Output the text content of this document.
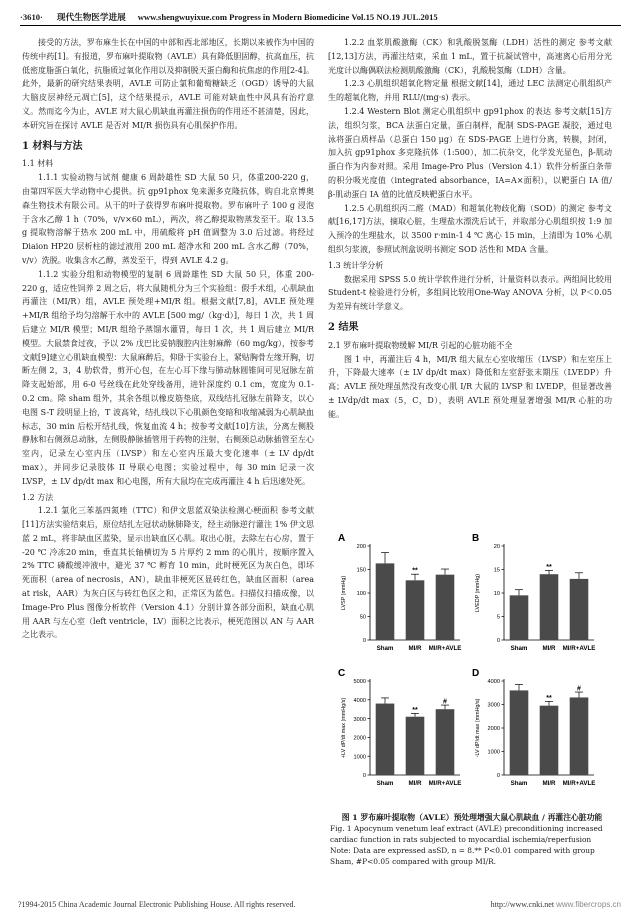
·3610· 现代生物医学进展 www.shengwuyixue.com Progress in Modern Biomedicine Vol.15 NO.19 JUL.2015

接受的方法，罗布麻生长在中国的中部和西北部地区，长期以来被作为中国的传统中药[1]。有报道，罗布麻叶提取物（AVLE）具有降低胆固醇，抗高血压，抗低密度脂蛋白氧化，抗脂质过氧化作用以及抑制脱天蛋白酶和抗焦虑的作用[2-4]。此外，最新的研究结果表明，AVLE 可防止氯和葡萄糖缺乏（OGD）诱导的大鼠大脑皮层神经元凋亡[5]，这个结果提示，AVLE 可能对缺血性中风具有治疗意义。然而迄今为止，AVLE 对大鼠心肌缺血再灌注损伤的作用还不甚清楚，因此，本研究旨在探讨 AVLE 是否对 MI/R 损伤具有心肌保护作用。

1 材料与方法

1.1 材料

1.1.1 实验动物与试剂 健康 6 周龄雄性 SD 大鼠 50 只，体重200-220 g，由第四军医大学动物中心提供。抗 gp91phox 兔来源多克隆抗体，购自北京博奥森生物技术有限公司。从干的叶子获得罗布麻叶提取物。罗布麻叶子 100 g 浸泡于含水乙醇 1 h（70%，v/v×60 mL），两次，将乙醇提取物蒸发至干。取 13.5 g 提取物溶解于热水 200 mL 中，用硫酸将 pH 值调整为 3.0 后过滤。将经过 Diaion HP20 层析柱的滤过液用 200 mL 超净水和 200 mL 含水乙醇（70%，v/v）洗脱。收集含水乙醇，蒸发至干，得到 AVLE 4.2 g。

1.1.2 实验分组和动物模型的复制 6 周龄雄性 SD 大鼠 50 只，体重 200-220 g，适应性饲养 2 周之后，将大鼠随机分为三个实验组：假手术组，心肌缺血再灌注（MI/R）组，AVLE 预处理+MI/R 组。根据文献[7,8]，AVLE 预处理+MI/R 组给予均匀溶解于水中的 AVLE [500 mg/（kg·d）]，每日 1 次，共 1 周后建立 MI/R 模型；MI/R 组给予蒸馏水灌胃，每日 1 次，共 1 周后建立 MI/R 模型。大鼠禁食过夜，予以 2% 戊巴比妥钠腹腔内注射麻醉（60 mg/kg），按参考文献[9]建立心肌缺血模型：大鼠麻醉后，仰卧于实验台上，紧贴胸骨左缘开胸，切断左侧 2，3，4 肋软骨，剪开心包，在左心耳下缘与肺动脉圆锥间可见冠脉左前降支起始部，用 6-0 号丝线在此处穿线备用，进针深度约 0.1 cm，宽度为 0.1-0.2 cm。除 sham 组外，其余各组以橡皮筋垫底，双线结扎冠脉左前降支，以心电图 S-T 段明显上抬，T 波高耸，结扎线以下心肌颜色变暗和收缩减弱为心肌缺血标志，30 min 后松开结扎线，恢复血流 4 h；按参考文献[10]方法，分离左侧股静脉和右侧颈总动脉，左侧股静脉插管用于药物的注射，右侧颈总动脉插管至左心室内，记录左心室内压（LVSP）和左心室内压最大变化速率（± LV dp/dt max），并同步记录肢体 II 导联心电图；实验过程中，每 30 min 记录一次 LVSP，± LV dp/dt max 和心电图，所有大鼠均在完成再灌注 4 h 后迅速处死。

1.2 方法

1.2.1 氯化三苯基四氮唑（TTC）和伊文思蓝双染法检测心梗面积 参考文献[11]方法实验结束后，原位结扎左冠状动脉肺降支，经主动脉逆行灌注 1% 伊文思蓝 2 mL，将非缺血区蓝染，显示出缺血区心肌。取出心脏，去除左右心房，置于 -20 ℃ 冷冻20 min，垂直其长轴横切为 5 片厚约 2 mm 的心肌片，按顺序置入 2% TTC 磷酸缓冲液中，避光 37 ℃ 孵育 10 min，此时梗死区为灰白色，即坏死面积（area of necrosis，AN），缺血非梗死区显砖红色，缺血区面积（area at risk，AAR）为灰白区与砖红色区之和，正常区为蓝色。扫描仪扫描成像，以 Image-Pro Plus 图像分析软件（Version 4.1）分别计算各部分面积，缺血心肌用 AAR 与左心室（left ventricle，LV）面积之比表示，梗死范围以 AN 与 AAR 之比表示。

1.2.2 血浆肌酸激酶（CK）和乳酸脱氢酶（LDH）活性的测定 参考文献[12,13]方法，再灌注结束，采血 1 mL，置于抗凝试管中，高速离心后用分光光度计以酶偶联法检测肌酸激酶（CK），乳酸脱氢酶（LDH）含量。

1.2.3 心肌组织超氧化物定量 根据文献[14]，通过 LEC 法测定心肌组织产生的超氧化物，并用 RLU/(mg·s) 表示。

1.2.4 Western Blot 测定心肌组织中 gp91phox 的表达 参考文献[15]方法，组织匀浆，BCA 法蛋白定量，蛋白制样，配制 SDS-PAGE 凝胶，通过电泳将蛋白质样品（总蛋白 150 μg）在 SDS-PAGE 上进行分离，转膜，封闭，加入抗 gp91phox 多克隆抗体（1:500），加二抗杂交，化学发光显色，β-肌动蛋白作为内参对照。采用 Image-Pro Plus（Version 4.1）软件分析蛋白条带的积分吸光度值（integrated absorbance，IA=A×面积），以靶蛋白 IA 值/β-肌动蛋白 IA 值的比值反映靶蛋白水平。

1.2.5 心肌组织丙二醛（MAD）和超氧化物歧化酶（SOD）的测定 参考文献[16,17]方法，摘取心脏，生理盐水漂洗后试干，并取部分心肌组织按 1:9 加入预冷的生理盐水，以 3500 r·min-1 4 ℃ 离心 15 min，上清即为 10% 心肌组织匀浆液，参照试剂盒说明书测定 SOD 活性和 MDA 含量。

1.3 统计学分析

数据采用 SPSS 5.0 统计学软件进行分析，计量资料以表示。两组间比较用 Student-t 检验进行分析，多组间比较用One-Way ANOVA 分析，以 P＜0.05 为差异有统计学意义。

2 结果

2.1 罗布麻叶提取物缓解 MI/R 引起的心脏功能不全

图 1 中，再灌注后 4 h，MI/R 组大鼠左心室收缩压（LVSP）和左室压上升，下降最大速率（± LV dp/dt max）降低和左室舒张末期压（LVEDP）升高；AVLE 预处理虽然没有改变心肌 I/R 大鼠的 LVSP 和 LVEDP，但显著改善± LVdp/dt max（5，C，D），表明 AVLE 预处理显著增强 MI/R 心脏的功能。

A
0
50
100
150
200
LVSP (mmHg)
Sham
**
MI/R MI/R+AVLE
B
0
5
10
15
20
LVEDP (mmHg)
Sham
**
MI/R MI/R+AVLE
C
0
1000
2000
3000
4000
5000
+LV dP/dt max (mmHg/s)
Sham
**
MI/R
#
MI/R+AVLE
D
0
1000
2000
3000
4000
-LV dP/dt max (mmHg/s)
Sham
**
MI/R
#
MI/R+AVLE
图 1 罗布麻叶提取物（AVLE）预处理增强大鼠心肌缺血 / 再灌注心脏功能
Fig. 1 Apocynum venetum leaf extract (AVLE) preconditioning increased cardiac function in rats subjected to myocardial ischemia/reperfusion
Note: Data are expressed asSD, n = 8.** P<0.01 compared with group Sham, #P<0.05 compared with group MI/R.
?1994-2015 China Academic Journal Electronic Publishing House. All rights reserved.	http://www.cnki.net www.fibercrops.cn
